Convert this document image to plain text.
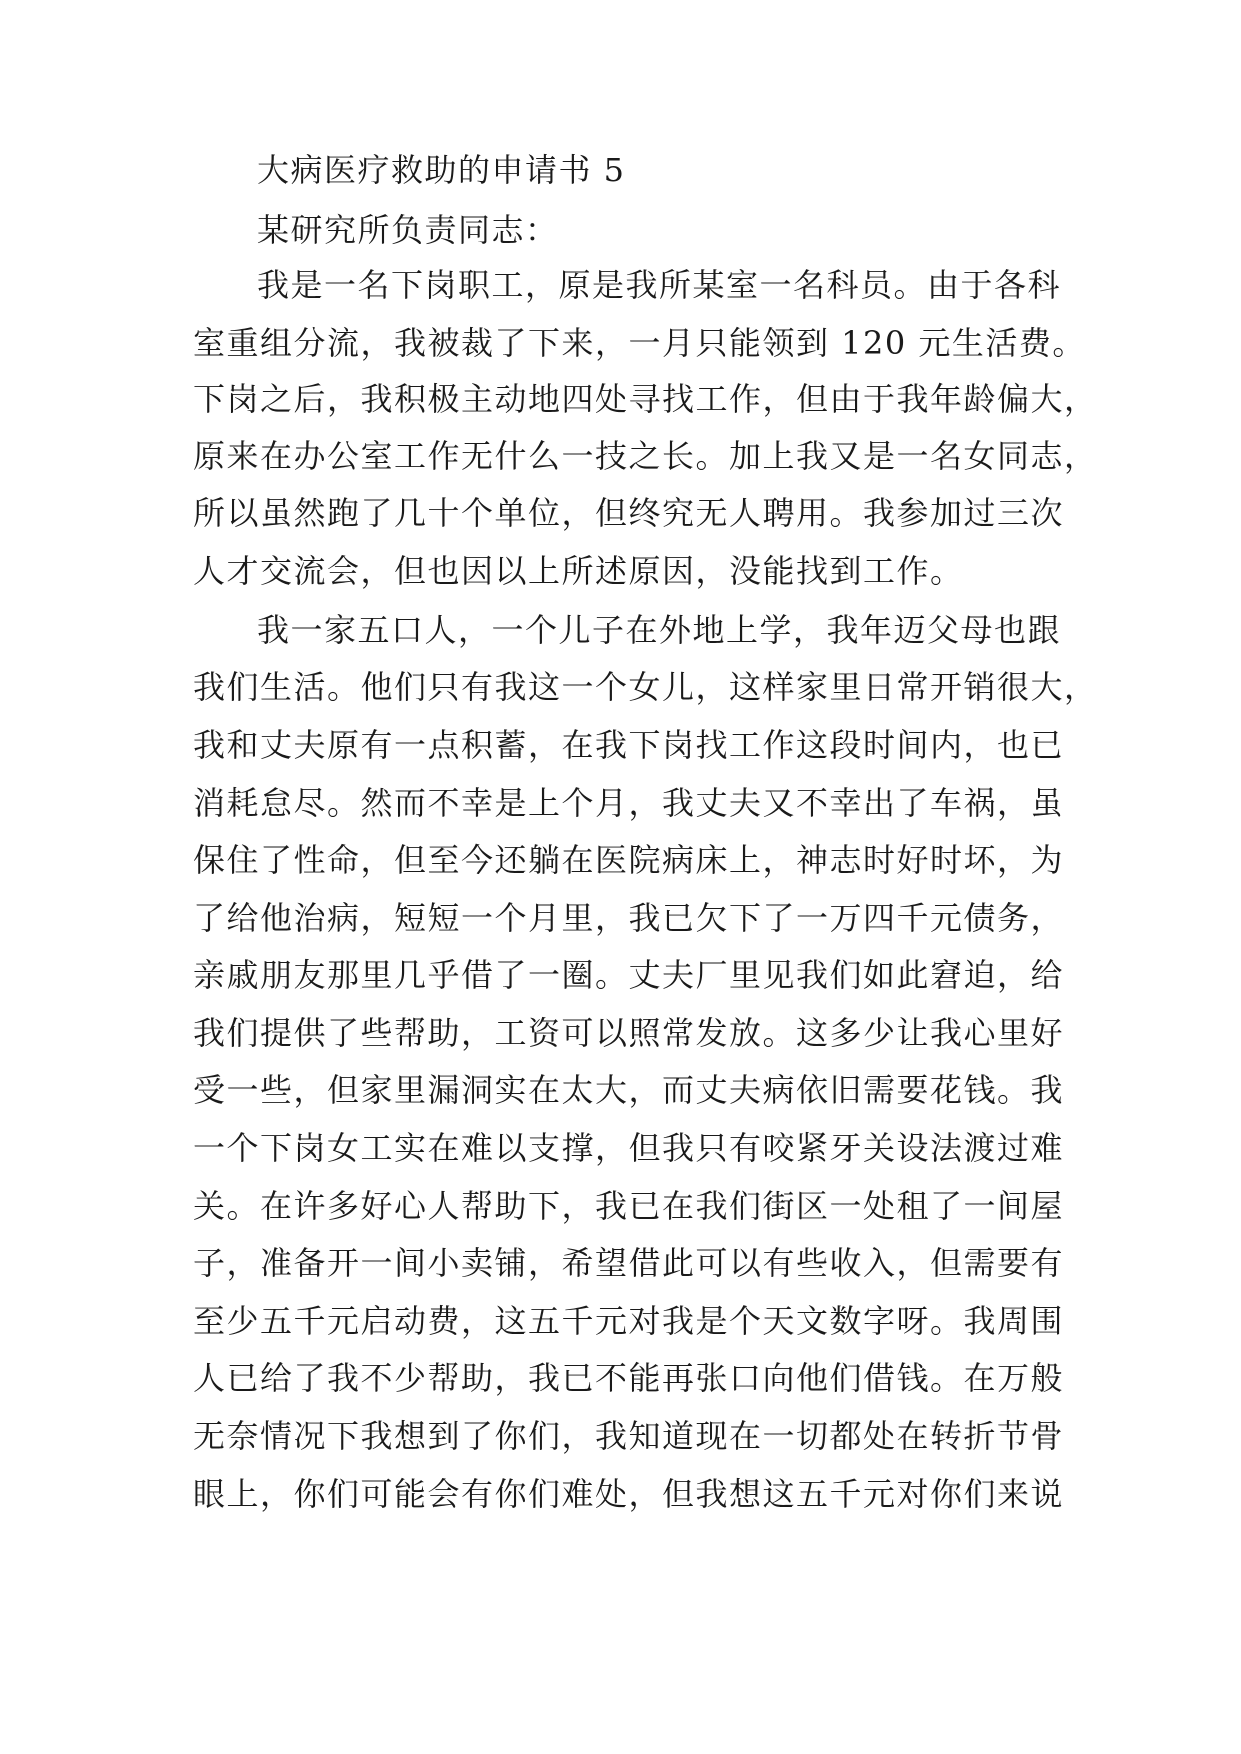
大病医疗救助的申请书 5
某研究所负责同志：
我是一名下岗职工，原是我所某室一名科员。由于各科
室重组分流，我被裁了下来，一月只能领到 120 元生活费。
下岗之后，我积极主动地四处寻找工作，但由于我年龄偏大，
原来在办公室工作无什么一技之长。加上我又是一名女同志，
所以虽然跑了几十个单位，但终究无人聘用。我参加过三次
人才交流会，但也因以上所述原因，没能找到工作。
我一家五口人，一个儿子在外地上学，我年迈父母也跟
我们生活。他们只有我这一个女儿，这样家里日常开销很大，
我和丈夫原有一点积蓄，在我下岗找工作这段时间内，也已
消耗怠尽。然而不幸是上个月，我丈夫又不幸出了车祸，虽
保住了性命，但至今还躺在医院病床上，神志时好时坏，为
了给他治病，短短一个月里，我已欠下了一万四千元债务，
亲戚朋友那里几乎借了一圈。丈夫厂里见我们如此窘迫，给
我们提供了些帮助，工资可以照常发放。这多少让我心里好
受一些，但家里漏洞实在太大，而丈夫病依旧需要花钱。我
一个下岗女工实在难以支撑，但我只有咬紧牙关设法渡过难
关。在许多好心人帮助下，我已在我们街区一处租了一间屋
子，准备开一间小卖铺，希望借此可以有些收入，但需要有
至少五千元启动费，这五千元对我是个天文数字呀。我周围
人已给了我不少帮助，我已不能再张口向他们借钱。在万般
无奈情况下我想到了你们，我知道现在一切都处在转折节骨
眼上，你们可能会有你们难处，但我想这五千元对你们来说
